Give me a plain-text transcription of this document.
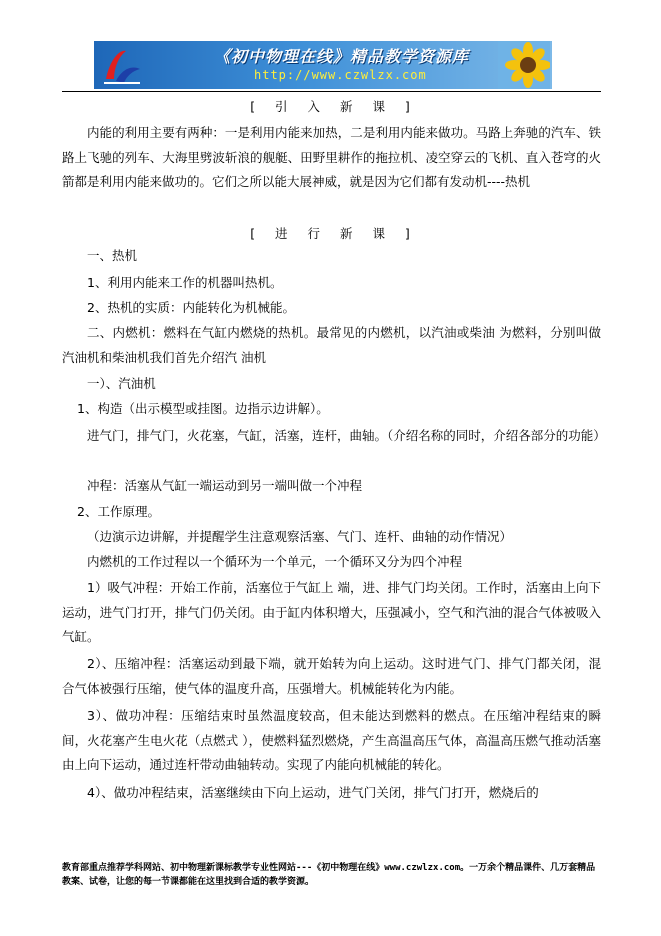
《初中物理在线》精品教学资源库
http://www.czwlzx.com
[ 引 入 新 课 ]

内能的利用主要有两种：一是利用内能来加热，二是利用内能来做功。马路上奔驰的汽车、铁路上飞驰的列车、大海里劈波斩浪的舰艇、田野里耕作的拖拉机、凌空穿云的飞机、直入苍穹的火箭都是利用内能来做功的。它们之所以能大展神威，就是因为它们都有发动机----热机

[ 进 行 新 课 ]

一、热机

1、利用内能来工作的机器叫热机。

2、热机的实质：内能转化为机械能。

二、内燃机：燃料在气缸内燃烧的热机。最常见的内燃机，以汽油或柴油 为燃料，分别叫做汽油机和柴油机我们首先介绍汽 油机

一）、汽油机

1、构造（出示模型或挂图。边指示边讲解）。

进气门，排气门，火花塞，气缸，活塞，连杆，曲轴。（介绍名称的同时，介绍各部分的功能）

冲程：活塞从气缸一端运动到另一端叫做一个冲程

2、工作原理。

（边演示边讲解，并提醒学生注意观察活塞、气门、连杆、曲轴的动作情况）

内燃机的工作过程以一个循环为一个单元，一个循环又分为四个冲程

1）吸气冲程：开始工作前，活塞位于气缸上 端，进、排气门均关闭。工作时，活塞由上向下运动，进气门打开，排气门仍关闭。由于缸内体积增大，压强减小，空气和汽油的混合气体被吸入气缸。

2）、压缩冲程：活塞运动到最下端，就开始转为向上运动。这时进气门、排气门都关闭，混合气体被强行压缩，使气体的温度升高，压强增大。机械能转化为内能。

3）、做功冲程：压缩结束时虽然温度较高，但未能达到燃料的燃点。在压缩冲程结束的瞬间，火花塞产生电火花（点燃式 ），使燃料猛烈燃烧，产生高温高压气体，高温高压燃气推动活塞由上向下运动，通过连杆带动曲轴转动。实现了内能向机械能的转化。

4）、做功冲程结束，活塞继续由下向上运动，进气门关闭，排气门打开，燃烧后的

教育部重点推荐学科网站、初中物理新课标教学专业性网站---《初中物理在线》www.czwlzx.com。一万余个精品课件、几万套精品教案、试卷，让您的每一节课都能在这里找到合适的教学资源。
